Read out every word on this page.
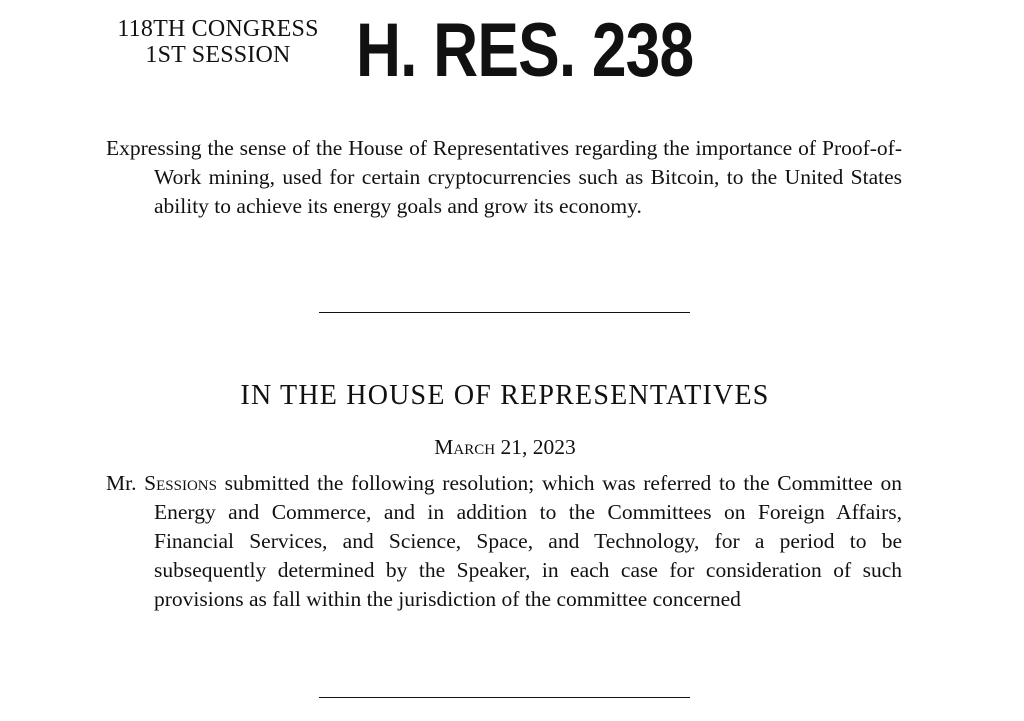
118TH CONGRESS
1ST SESSION H. RES. 238
Expressing the sense of the House of Representatives regarding the importance of Proof-of-Work mining, used for certain cryptocurrencies such as Bitcoin, to the United States ability to achieve its energy goals and grow its economy.
IN THE HOUSE OF REPRESENTATIVES
March 21, 2023
Mr. Sessions submitted the following resolution; which was referred to the Committee on Energy and Commerce, and in addition to the Committees on Foreign Affairs, Financial Services, and Science, Space, and Technology, for a period to be subsequently determined by the Speaker, in each case for consideration of such provisions as fall within the jurisdiction of the committee concerned
